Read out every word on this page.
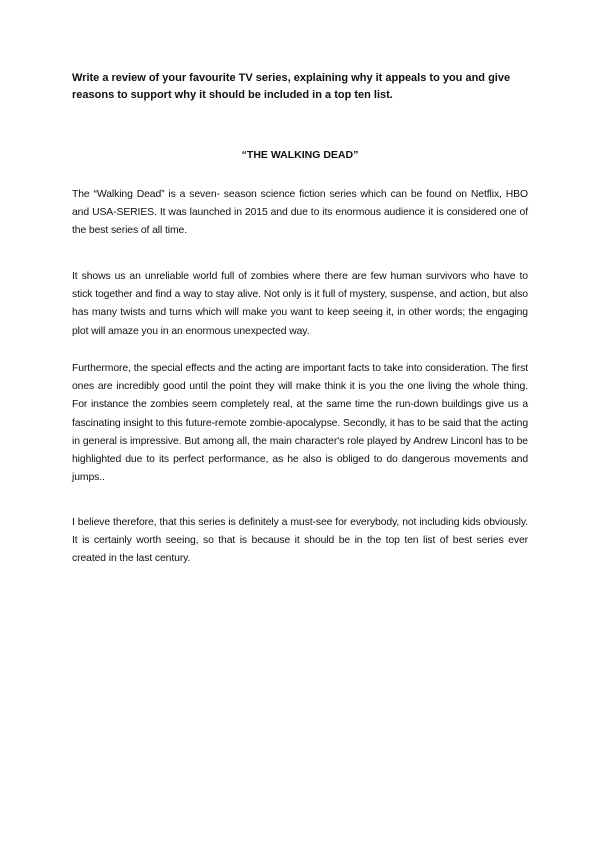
Write a review of your favourite TV series, explaining why it appeals to you and give reasons to support why it should be included in a top ten list.

“THE WALKING DEAD”

The “Walking Dead” is a seven- season science fiction series which can be found on Netflix, HBO and USA-SERIES. It was launched in 2015 and due to its enormous audience it is considered one of the best series of all time.

It shows us an unreliable world full of zombies where there are few human survivors who have to stick together and find a way to stay alive. Not only is it full of mystery, suspense, and action, but also has many twists and turns which will make you want to keep seeing it, in other words; the engaging plot will amaze you in an enormous unexpected way.

Furthermore, the special effects and the acting are important facts to take into consideration. The first ones are incredibly good until the point they will make think it is you the one living the whole thing. For instance the zombies seem completely real, at the same time the run-down buildings give us a fascinating insight to this future-remote zombie-apocalypse. Secondly, it has to be said that the acting in general is impressive. But among all, the main character's role played by Andrew Linconl has to be highlighted due to its perfect performance, as he also is obliged to do dangerous movements and jumps..

I believe therefore, that this series is definitely a must-see for everybody, not including kids obviously. It is certainly worth seeing, so that is because it should be in the top ten list of best series ever created in the last century.
